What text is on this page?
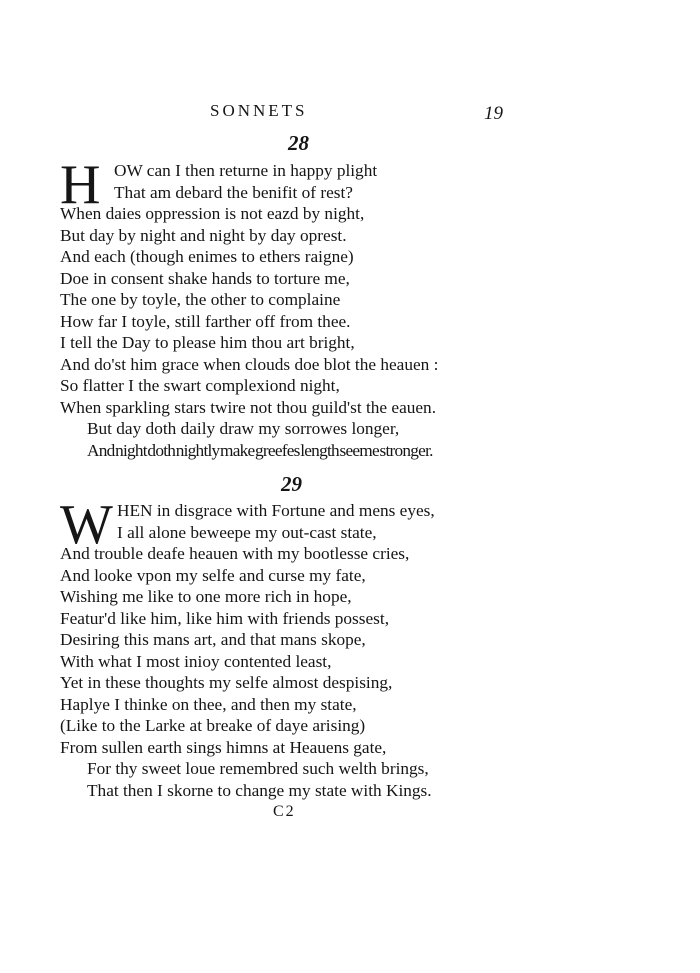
SONNETS	19
28
H OW can I then returne in happy plight
That am debard the benifit of rest?
When daies oppression is not eazd by night,
But day by night and night by day oprest.
And each (though enimes to ethers raigne)
Doe in consent shake hands to torture me,
The one by toyle, the other to complaine
How far I toyle, still farther off from thee.
I tell the Day to please him thou art bright,
And do'st him grace when clouds doe blot the heauen :
So flatter I the swart complexiond night,
When sparkling stars twire not thou guild'st the eauen.
But day doth daily draw my sorrowes longer,
And night doth nightly make greefes length seeme stronger.
29
W HEN in disgrace with Fortune and mens eyes,
I all alone beweepe my out-cast state,
And trouble deafe heauen with my bootlesse cries,
And looke vpon my selfe and curse my fate,
Wishing me like to one more rich in hope,
Featur'd like him, like him with friends possest,
Desiring this mans art, and that mans skope,
With what I most inioy contented least,
Yet in these thoughts my selfe almost despising,
Haplye I thinke on thee, and then my state,
(Like to the Larke at breake of daye arising)
From sullen earth sings himns at Heauens gate,
For thy sweet loue remembred such welth brings,
That then I skorne to change my state with Kings.
C2
